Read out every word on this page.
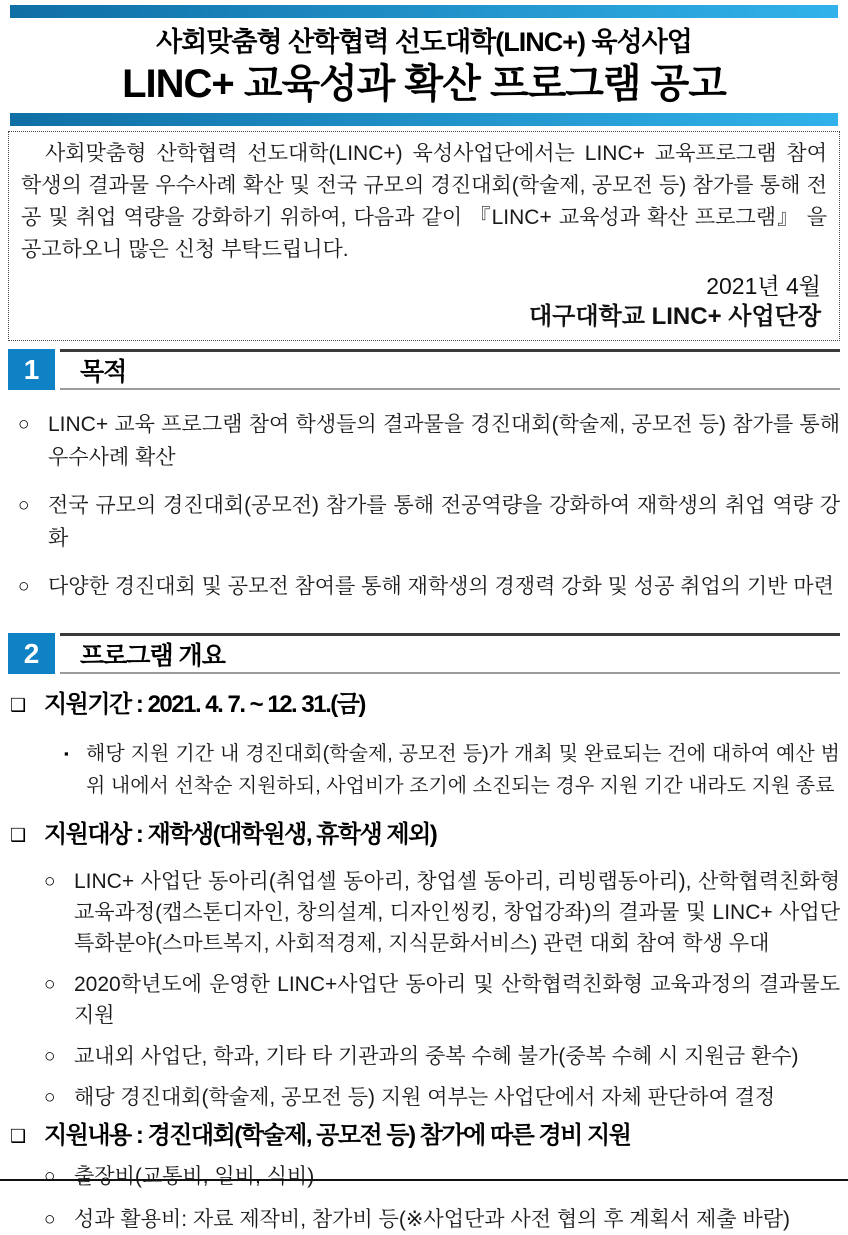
사회맞춤형 산학협력 선도대학(LINC+) 육성사업
LINC+ 교육성과 확산 프로그램 공고

사회맞춤형 산학협력 선도대학(LINC+) 육성사업단에서는 LINC+ 교육프로그램 참여 학생의 결과물 우수사례 확산 및 전국 규모의 경진대회(학술제, 공모전 등) 참가를 통해 전공 및 취업 역량을 강화하기 위하여, 다음과 같이 『LINC+ 교육성과 확산 프로그램』 을 공고하오니 많은 신청 부탁드립니다.

2021년 4월
대구대학교 LINC+ 사업단장
1	목적
○ LINC+ 교육 프로그램 참여 학생들의 결과물을 경진대회(학술제, 공모전 등) 참가를 통해 우수사례 확산
○ 전국 규모의 경진대회(공모전) 참가를 통해 전공역량을 강화하여 재학생의 취업 역량 강화
○ 다양한 경진대회 및 공모전 참여를 통해 재학생의 경쟁력 강화 및 성공 취업의 기반 마련
2	프로그램 개요
❑ 지원기간 : 2021. 4. 7. ~ 12. 31.(금)
▪ 해당 지원 기간 내 경진대회(학술제, 공모전 등)가 개최 및 완료되는 건에 대하여 예산 범위 내에서 선착순 지원하되, 사업비가 조기에 소진되는 경우 지원 기간 내라도 지원 종료
❑ 지원대상 : 재학생(대학원생, 휴학생 제외)
○ LINC+ 사업단 동아리(취업셀 동아리, 창업셀 동아리, 리빙랩동아리), 산학협력친화형 교육과정(캡스톤디자인, 창의설계, 디자인씽킹, 창업강좌)의 결과물 및 LINC+ 사업단 특화분야(스마트복지, 사회적경제, 지식문화서비스) 관련 대회 참여 학생 우대
○ 2020학년도에 운영한 LINC+사업단 동아리 및 산학협력친화형 교육과정의 결과물도 지원
○ 교내외 사업단, 학과, 기타 타 기관과의 중복 수혜 불가(중복 수혜 시 지원금 환수)
○ 해당 경진대회(학술제, 공모전 등) 지원 여부는 사업단에서 자체 판단하여 결정
❑ 지원내용 : 경진대회(학술제, 공모전 등) 참가에 따른 경비 지원
○ 출장비(교통비, 일비, 식비)
○ 성과 활용비: 자료 제작비, 참가비 등(※사업단과 사전 협의 후 계획서 제출 바람)
